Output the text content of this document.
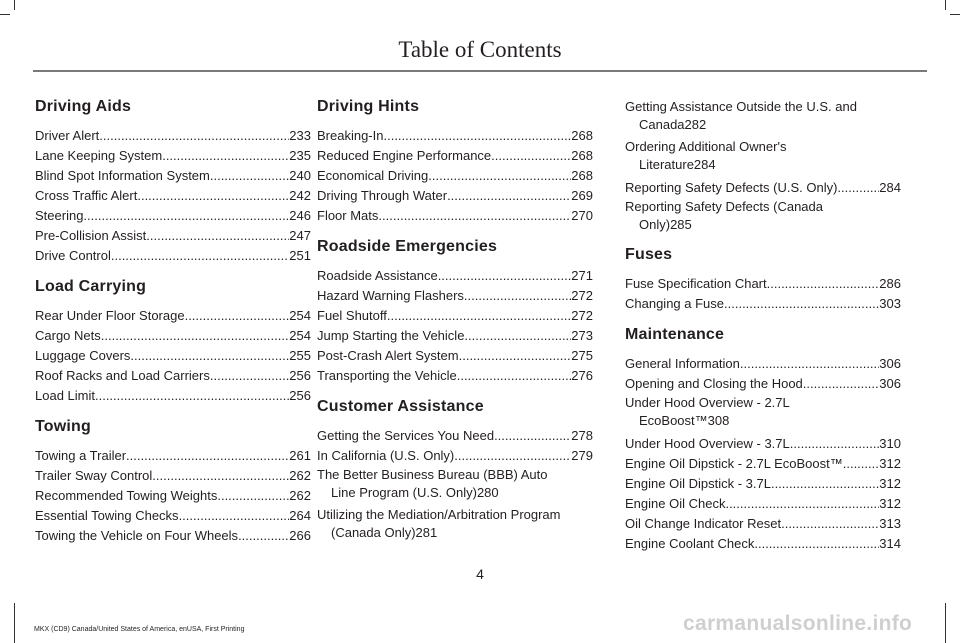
Table of Contents
Driving Aids
Driver Alert .....	233
Lane Keeping System .....	235
Blind Spot Information System .....	240
Cross Traffic Alert .....	242
Steering .....	246
Pre-Collision Assist .....	247
Drive Control .....	251
Load Carrying
Rear Under Floor Storage .....	254
Cargo Nets .....	254
Luggage Covers .....	255
Roof Racks and Load Carriers .....	256
Load Limit .....	256
Towing
Towing a Trailer .....	261
Trailer Sway Control .....	262
Recommended Towing Weights .....	262
Essential Towing Checks .....	264
Towing the Vehicle on Four Wheels .....	266
Driving Hints
Breaking-In .....	268
Reduced Engine Performance .....	268
Economical Driving .....	268
Driving Through Water .....	269
Floor Mats .....	270
Roadside Emergencies
Roadside Assistance .....	271
Hazard Warning Flashers .....	272
Fuel Shutoff .....	272
Jump Starting the Vehicle .....	273
Post-Crash Alert System .....	275
Transporting the Vehicle .....	276
Customer Assistance
Getting the Services You Need .....	278
In California (U.S. Only) .....	279
The Better Business Bureau (BBB) Auto
Line Program (U.S. Only) 280
Utilizing the Mediation/Arbitration Program
(Canada Only) 281
Getting Assistance Outside the U.S. and
Canada 282
Ordering Additional Owner's
Literature 284
Reporting Safety Defects (U.S. Only) .....	284
Reporting Safety Defects (Canada
Only) 285
Fuses
Fuse Specification Chart .....	286
Changing a Fuse .....	303
Maintenance
General Information .....	306
Opening and Closing the Hood .....	306
Under Hood Overview - 2.7L
EcoBoost™ 308
Under Hood Overview - 3.7L .....	310
Engine Oil Dipstick - 2.7L EcoBoost™ .....	312
Engine Oil Dipstick - 3.7L .....	312
Engine Oil Check .....	312
Oil Change Indicator Reset .....	313
Engine Coolant Check .....	314
4
MKX (CD9) Canada/United States of America, enUSA, First Printing	carmanualsonline.info
